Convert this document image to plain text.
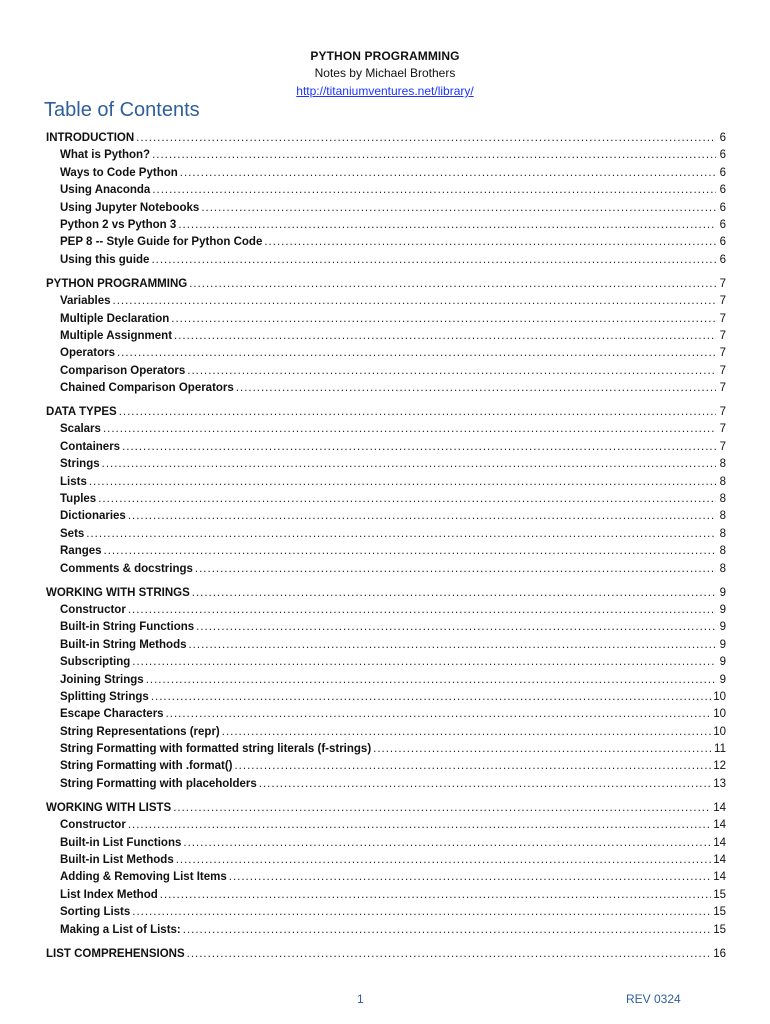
PYTHON PROGRAMMING
Notes by Michael Brothers
http://titaniumventures.net/library/
Table of Contents
INTRODUCTION .....	6
What is Python? .....	6
Ways to Code Python .....	6
Using Anaconda .....	6
Using Jupyter Notebooks .....	6
Python 2 vs Python 3 .....	6
PEP 8 -- Style Guide for Python Code .....	6
Using this guide .....	6
PYTHON PROGRAMMING .....	7
Variables .....	7
Multiple Declaration .....	7
Multiple Assignment .....	7
Operators .....	7
Comparison Operators .....	7
Chained Comparison Operators .....	7
DATA TYPES .....	7
Scalars .....	7
Containers .....	7
Strings .....	8
Lists .....	8
Tuples .....	8
Dictionaries .....	8
Sets .....	8
Ranges .....	8
Comments & docstrings .....	8
WORKING WITH STRINGS .....	9
Constructor .....	9
Built-in String Functions .....	9
Built-in String Methods .....	9
Subscripting .....	9
Joining Strings .....	9
Splitting Strings .....	10
Escape Characters .....	10
String Representations (repr) .....	10
String Formatting with formatted string literals (f-strings) .....	11
String Formatting with .format() .....	12
String Formatting with placeholders .....	13
WORKING WITH LISTS .....	14
Constructor .....	14
Built-in List Functions .....	14
Built-in List Methods .....	14
Adding & Removing List Items .....	14
List Index Method .....	15
Sorting Lists .....	15
Making a List of Lists: .....	15
LIST COMPREHENSIONS .....	16
1	REV 0324
